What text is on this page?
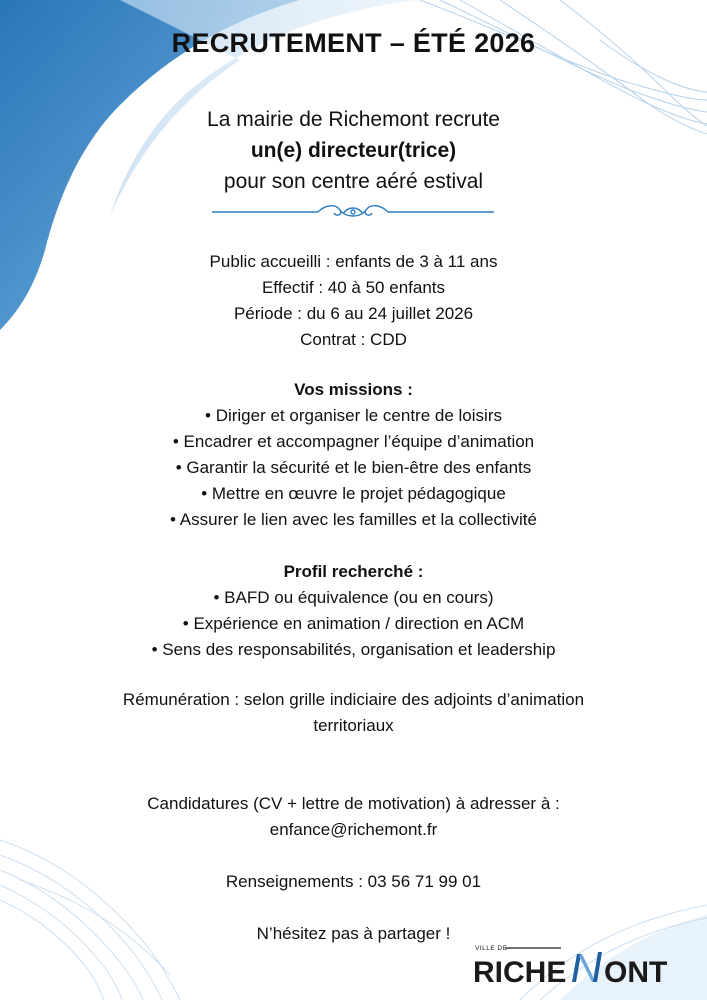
RECRUTEMENT – ÉTÉ 2026
La mairie de Richemont recrute
un(e) directeur(trice)
pour son centre aéré estival
Public accueilli : enfants de 3 à 11 ans
Effectif : 40 à 50 enfants
Période : du 6 au 24 juillet 2026
Contrat : CDD
Vos missions :
• Diriger et organiser le centre de loisirs
• Encadrer et accompagner l’équipe d’animation
• Garantir la sécurité et le bien-être des enfants
• Mettre en œuvre le projet pédagogique
• Assurer le lien avec les familles et la collectivité
Profil recherché :
• BAFD ou équivalence (ou en cours)
• Expérience en animation / direction en ACM
• Sens des responsabilités, organisation et leadership
Rémunération : selon grille indiciaire des adjoints d’animation
territoriaux
Candidatures (CV + lettre de motivation) à adresser à :
enfance@richemont.fr
Renseignements : 03 56 71 99 01
N’hésitez pas à partager !
VILLE DE
RICHE ONT
